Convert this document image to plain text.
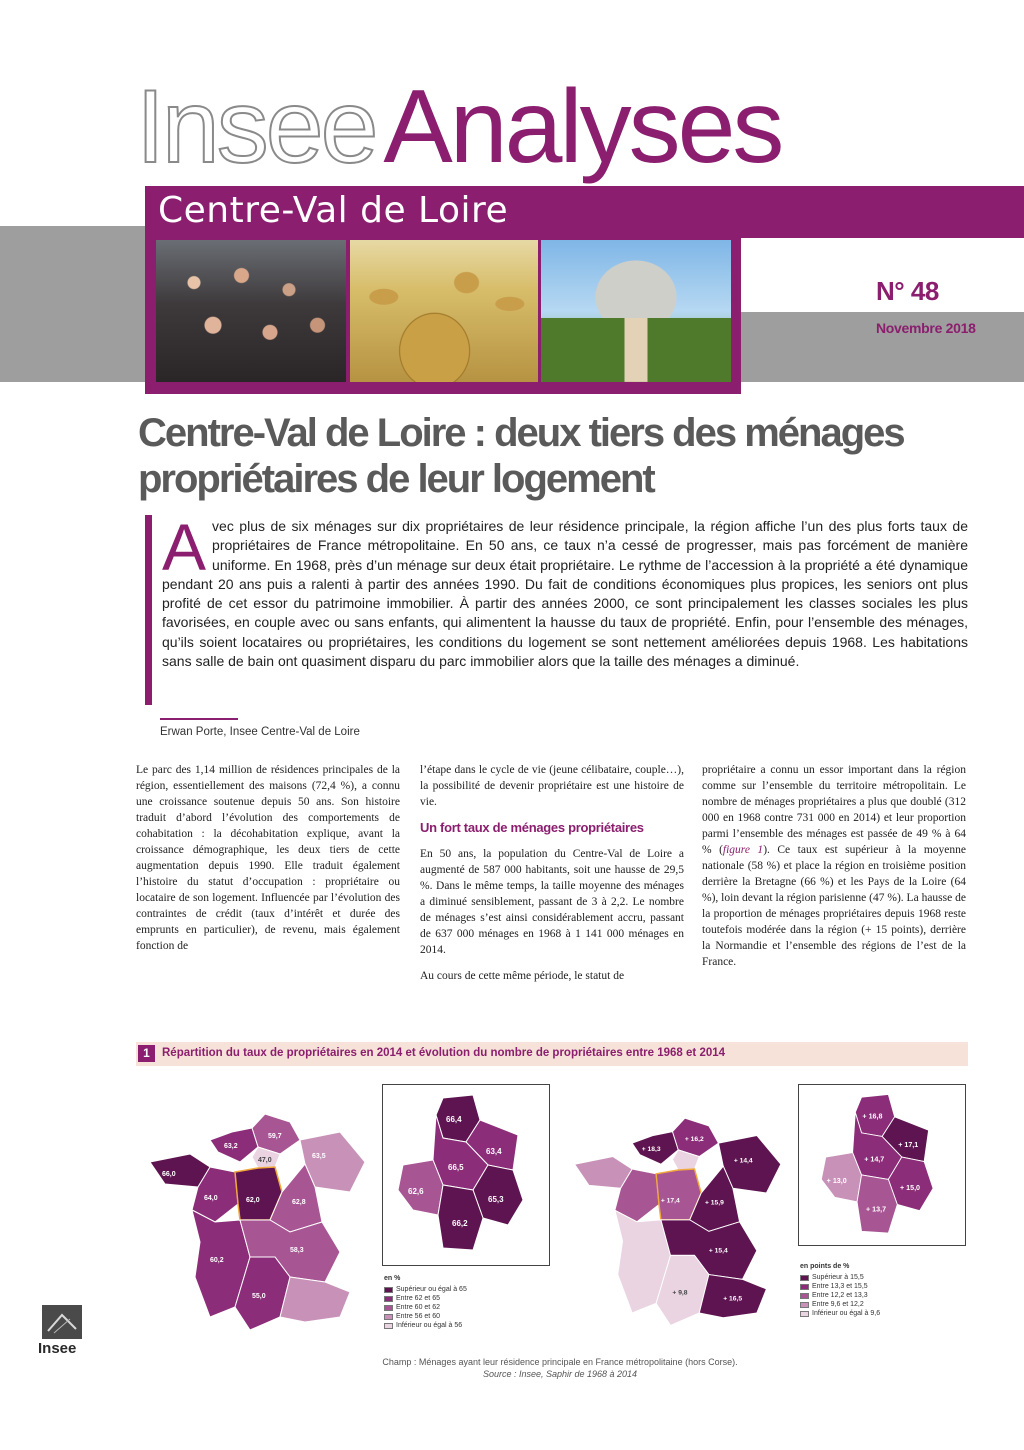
InseeAnalyses
Centre-Val de Loire
N° 48
Novembre 2018
Centre-Val de Loire : deux tiers des ménages
propriétaires de leur logement
Avec plus de six ménages sur dix propriétaires de leur résidence principale, la région affiche l’un des plus forts taux de propriétaires de France métropolitaine. En 50 ans, ce taux n’a cessé de progresser, mais pas forcément de manière uniforme. En 1968, près d’un ménage sur deux était propriétaire. Le rythme de l’accession à la propriété a été dynamique pendant 20 ans puis a ralenti à partir des années 1990. Du fait de conditions économiques plus propices, les seniors ont plus profité de cet essor du patrimoine immobilier. À partir des années 2000, ce sont principalement les classes sociales les plus favorisées, en couple avec ou sans enfants, qui alimentent la hausse du taux de propriété. Enfin, pour l’ensemble des ménages, qu’ils soient locataires ou propriétaires, les conditions du logement se sont nettement améliorées depuis 1968. Les habitations sans salle de bain ont quasiment disparu du parc immobilier alors que la taille des ménages a diminué.
Erwan Porte, Insee Centre-Val de Loire

Le parc des 1,14 million de résidences principales de la région, essentiellement des maisons (72,4 %), a connu une croissance soutenue depuis 50 ans. Son histoire traduit d’abord l’évolution des comportements de cohabitation : la décohabitation explique, avant la croissance démographique, les deux tiers de cette augmentation depuis 1990. Elle traduit également l’histoire du statut d’occupation : propriétaire ou locataire de son logement. Influencée par l’évolution des contraintes de crédit (taux d’intérêt et durée des emprunts en particulier), de revenu, mais également fonction de

l’étape dans le cycle de vie (jeune célibataire, couple…), la possibilité de devenir propriétaire est une histoire de vie.

Un fort taux de ménages propriétaires

En 50 ans, la population du Centre-Val de Loire a augmenté de 587 000 habitants, soit une hausse de 29,5 %. Dans le même temps, la taille moyenne des ménages a diminué sensiblement, passant de 3 à 2,2. Le nombre de ménages s’est ainsi considérablement accru, passant de 637 000 ménages en 1968 à 1 141 000 ménages en 2014.

Au cours de cette même période, le statut de

propriétaire a connu un essor important dans la région comme sur l’ensemble du territoire métropolitain. Le nombre de ménages propriétaires a plus que doublé (312 000 en 1968 contre 731 000 en 2014) et leur proportion parmi l’ensemble des ménages est passée de 49 % à 64 % (figure 1). Ce taux est supérieur à la moyenne nationale (58 %) et place la région en troisième position derrière la Bretagne (66 %) et les Pays de la Loire (64 %), loin devant la région parisienne (47 %). La hausse de la proportion de ménages propriétaires depuis 1968 reste toutefois modérée dans la région (+ 15 points), derrière la Normandie et l’ensemble des régions de l’est de la France.

1	Répartition du taux de propriétaires en 2014 et évolution du nombre de propriétaires entre 1968 et 2014
59,7
63,2
66,0
64,0
63,5
47,0
62,0	62,8
60,2
58,3
55,0
66,4
63,4
66,5
62,6
65,3
66,2
en %
Supérieur ou égal à 65
Entre 62 et 65
Entre 60 et 62
Entre 56 et 60
Inférieur ou égal à 56
+ 16,2
+ 14,4
+ 18,3
+ 15,9
+ 17,4
+ 15,4
+ 16,5
+ 9,8
+ 16,8
+ 17,1
+ 14,7
+ 13,0
+ 15,0
+ 13,7
en points de %
Supérieur à 15,5
Entre 13,3 et 15,5
Entre 12,2 et 13,3
Entre 9,6 et 12,2
Inférieur ou égal à 9,6
Champ : Ménages ayant leur résidence principale en France métropolitaine (hors Corse).
Source : Insee, Saphir de 1968 à 2014
Insee
